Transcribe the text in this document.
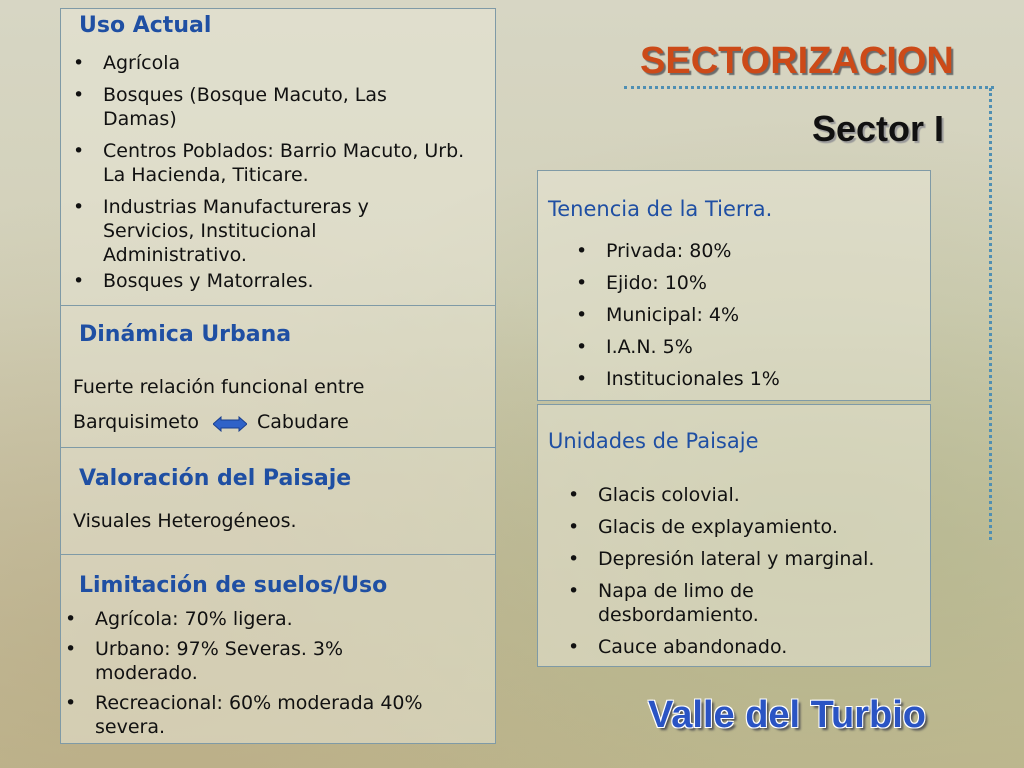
SECTORIZACION
Sector I
Uso Actual
• Agrícola
• Bosques (Bosque Macuto, Las Damas)
• Centros Poblados: Barrio Macuto, Urb. La Hacienda, Titicare.
• Industrias Manufactureras y Servicios, Institucional Administrativo.
• Bosques y Matorrales.
Dinámica Urbana
Fuerte relación funcional entre
Barquisimeto	Cabudare
Valoración del Paisaje
Visuales Heterogéneos.
Limitación de suelos/Uso
• Agrícola: 70% ligera.
• Urbano: 97% Severas. 3% moderado.
• Recreacional: 60% moderada 40% severa.
Tenencia de la Tierra.
• Privada: 80%
• Ejido: 10%
• Municipal: 4%
• I.A.N. 5%
• Institucionales 1%
Unidades de Paisaje
• Glacis colovial.
• Glacis de explayamiento.
• Depresión lateral y marginal.
• Napa de limo de desbordamiento.
• Cauce abandonado.
Valle del Turbio
